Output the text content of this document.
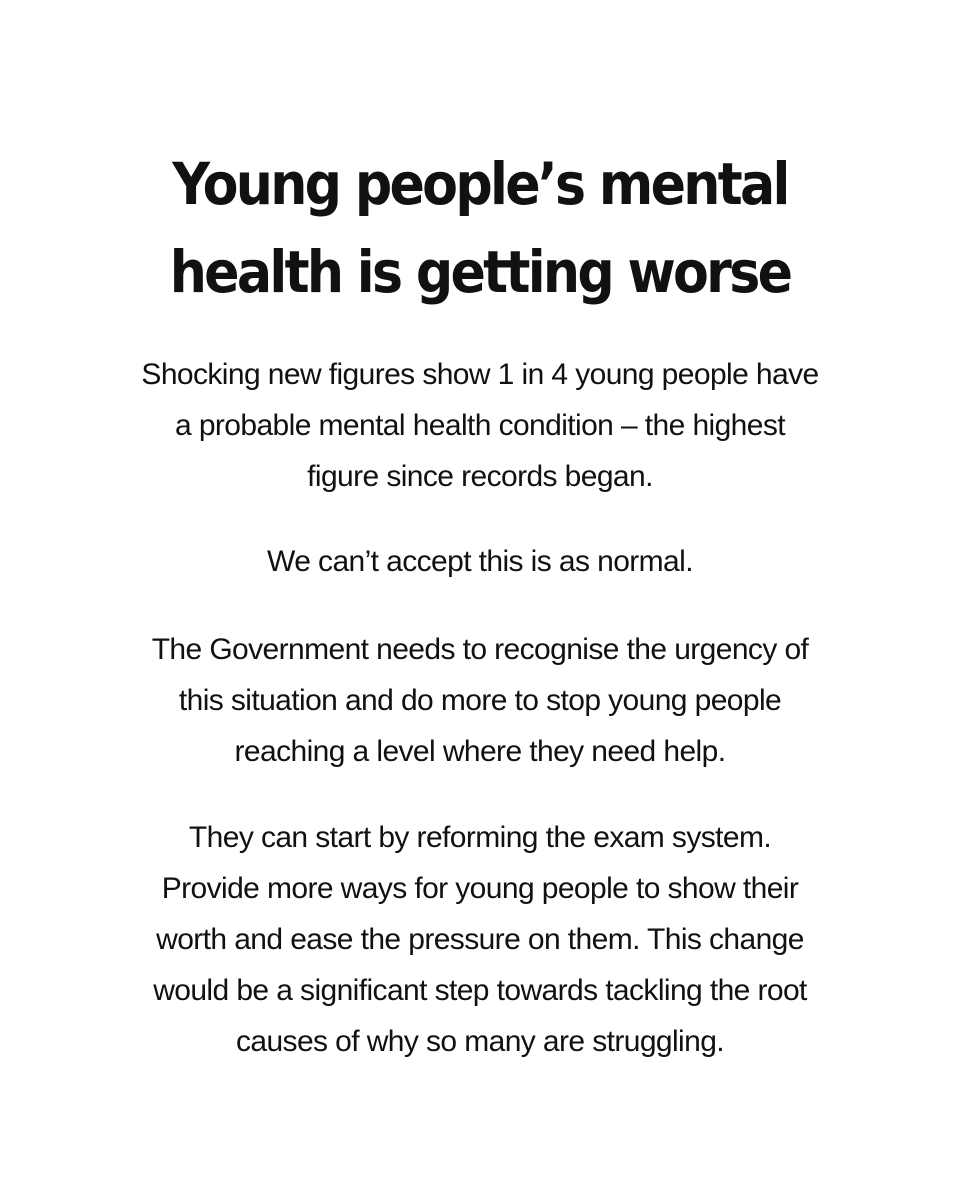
Young people’s mental
health is getting worse

Shocking new figures show 1 in 4 young people have
a probable mental health condition – the highest
figure since records began.

We can’t accept this is as normal.

The Government needs to recognise the urgency of
this situation and do more to stop young people
reaching a level where they need help.

They can start by reforming the exam system.
Provide more ways for young people to show their
worth and ease the pressure on them. This change
would be a significant step towards tackling the root
causes of why so many are struggling.
